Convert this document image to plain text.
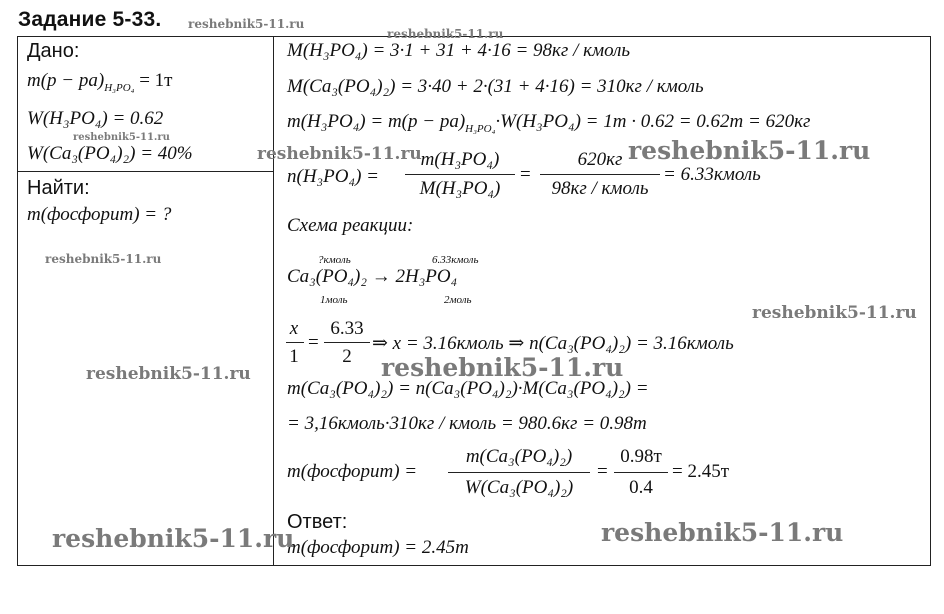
Задание 5-33.
Дано:
$m(p - pa)_{H_3PO_4} = 1т$
W(H₃PO₄) = 0.62
W(Ca₃(PO₄)₂) = 40%
Найти:
m(фосфорит) = ?
M(H₃PO₄) = 3·1 + 31 + 4·16 = 98кг / кмоль
M(Ca₃(PO₄)₂) = 3·40 + 2·(31 + 4·16) = 310кг / кмоль
$m(H_3PO_4) = m(p - pa)_{H_3PO_4}\cdot W(H_3PO_4) = 1т \cdot 0.62 = 0.62т = 620кг$
n(H₃PO₄) =
m(H₃PO₄)
M(H₃PO₄)
=
620кг
98кг / кмоль
= 6.33кмоль
Схема реакции:
?кмоль	6.33кмоль
Ca₃(PO₄)₂ → 2H₃PO₄
1моль	2моль
x
1
=
6.33
2
⇒ x = 3.16кмоль ⇒ n(Ca₃(PO₄)₂) = 3.16кмоль
m(Ca₃(PO₄)₂) = n(Ca₃(PO₄)₂)·M(Ca₃(PO₄)₂) =
= 3,16кмоль·310кг / кмоль = 980.6кг = 0.98т
m(фосфорит) =
m(Ca₃(PO₄)₂)
W(Ca₃(PO₄)₂)
=
0.98т
0.4
= 2.45т
Ответ:
m(фосфорит) = 2.45т
reshebnik5-11.ru
reshebnik5-11.ru
reshebnik5-11.ru
reshebnik5-11.ru	reshebnik5-11.ru
reshebnik5-11.ru
reshebnik5-11.ru
reshebnik5-11.ru
reshebnik5-11.ru
reshebnik5-11.ru	reshebnik5-11.ru
